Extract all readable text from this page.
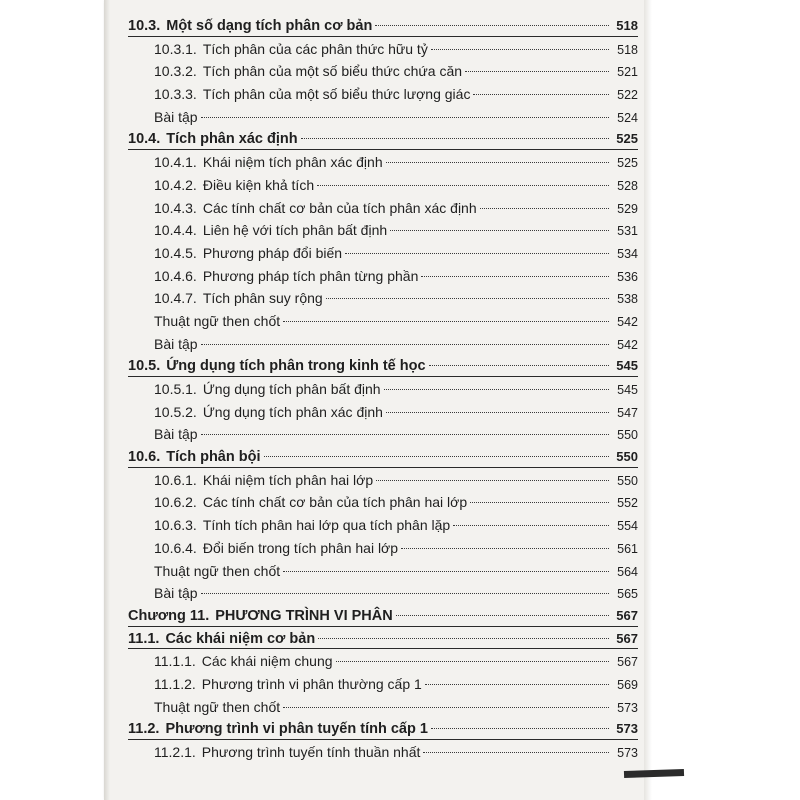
10.3. Một số dạng tích phân cơ bản	518
10.3.1. Tích phân của các phân thức hữu tỷ	518
10.3.2. Tích phân của một số biểu thức chứa căn	521
10.3.3. Tích phân của một số biểu thức lượng giác	522
Bài tập	524
10.4. Tích phân xác định	525
10.4.1. Khái niệm tích phân xác định	525
10.4.2. Điều kiện khả tích	528
10.4.3. Các tính chất cơ bản của tích phân xác định	529
10.4.4. Liên hệ với tích phân bất định	531
10.4.5. Phương pháp đổi biến	534
10.4.6. Phương pháp tích phân từng phần	536
10.4.7. Tích phân suy rộng	538
Thuật ngữ then chốt	542
Bài tập	542
10.5. Ứng dụng tích phân trong kinh tế học	545
10.5.1. Ứng dụng tích phân bất định	545
10.5.2. Ứng dụng tích phân xác định	547
Bài tập	550
10.6. Tích phân bội	550
10.6.1. Khái niệm tích phân hai lớp	550
10.6.2. Các tính chất cơ bản của tích phân hai lớp	552
10.6.3. Tính tích phân hai lớp qua tích phân lặp	554
10.6.4. Đổi biến trong tích phân hai lớp	561
Thuật ngữ then chốt	564
Bài tập	565
Chương 11. PHƯƠNG TRÌNH VI PHÂN	567
11.1. Các khái niệm cơ bản	567
11.1.1. Các khái niệm chung	567
11.1.2. Phương trình vi phân thường cấp 1	569
Thuật ngữ then chốt	573
11.2. Phương trình vi phân tuyến tính cấp 1	573
11.2.1. Phương trình tuyến tính thuần nhất	573
